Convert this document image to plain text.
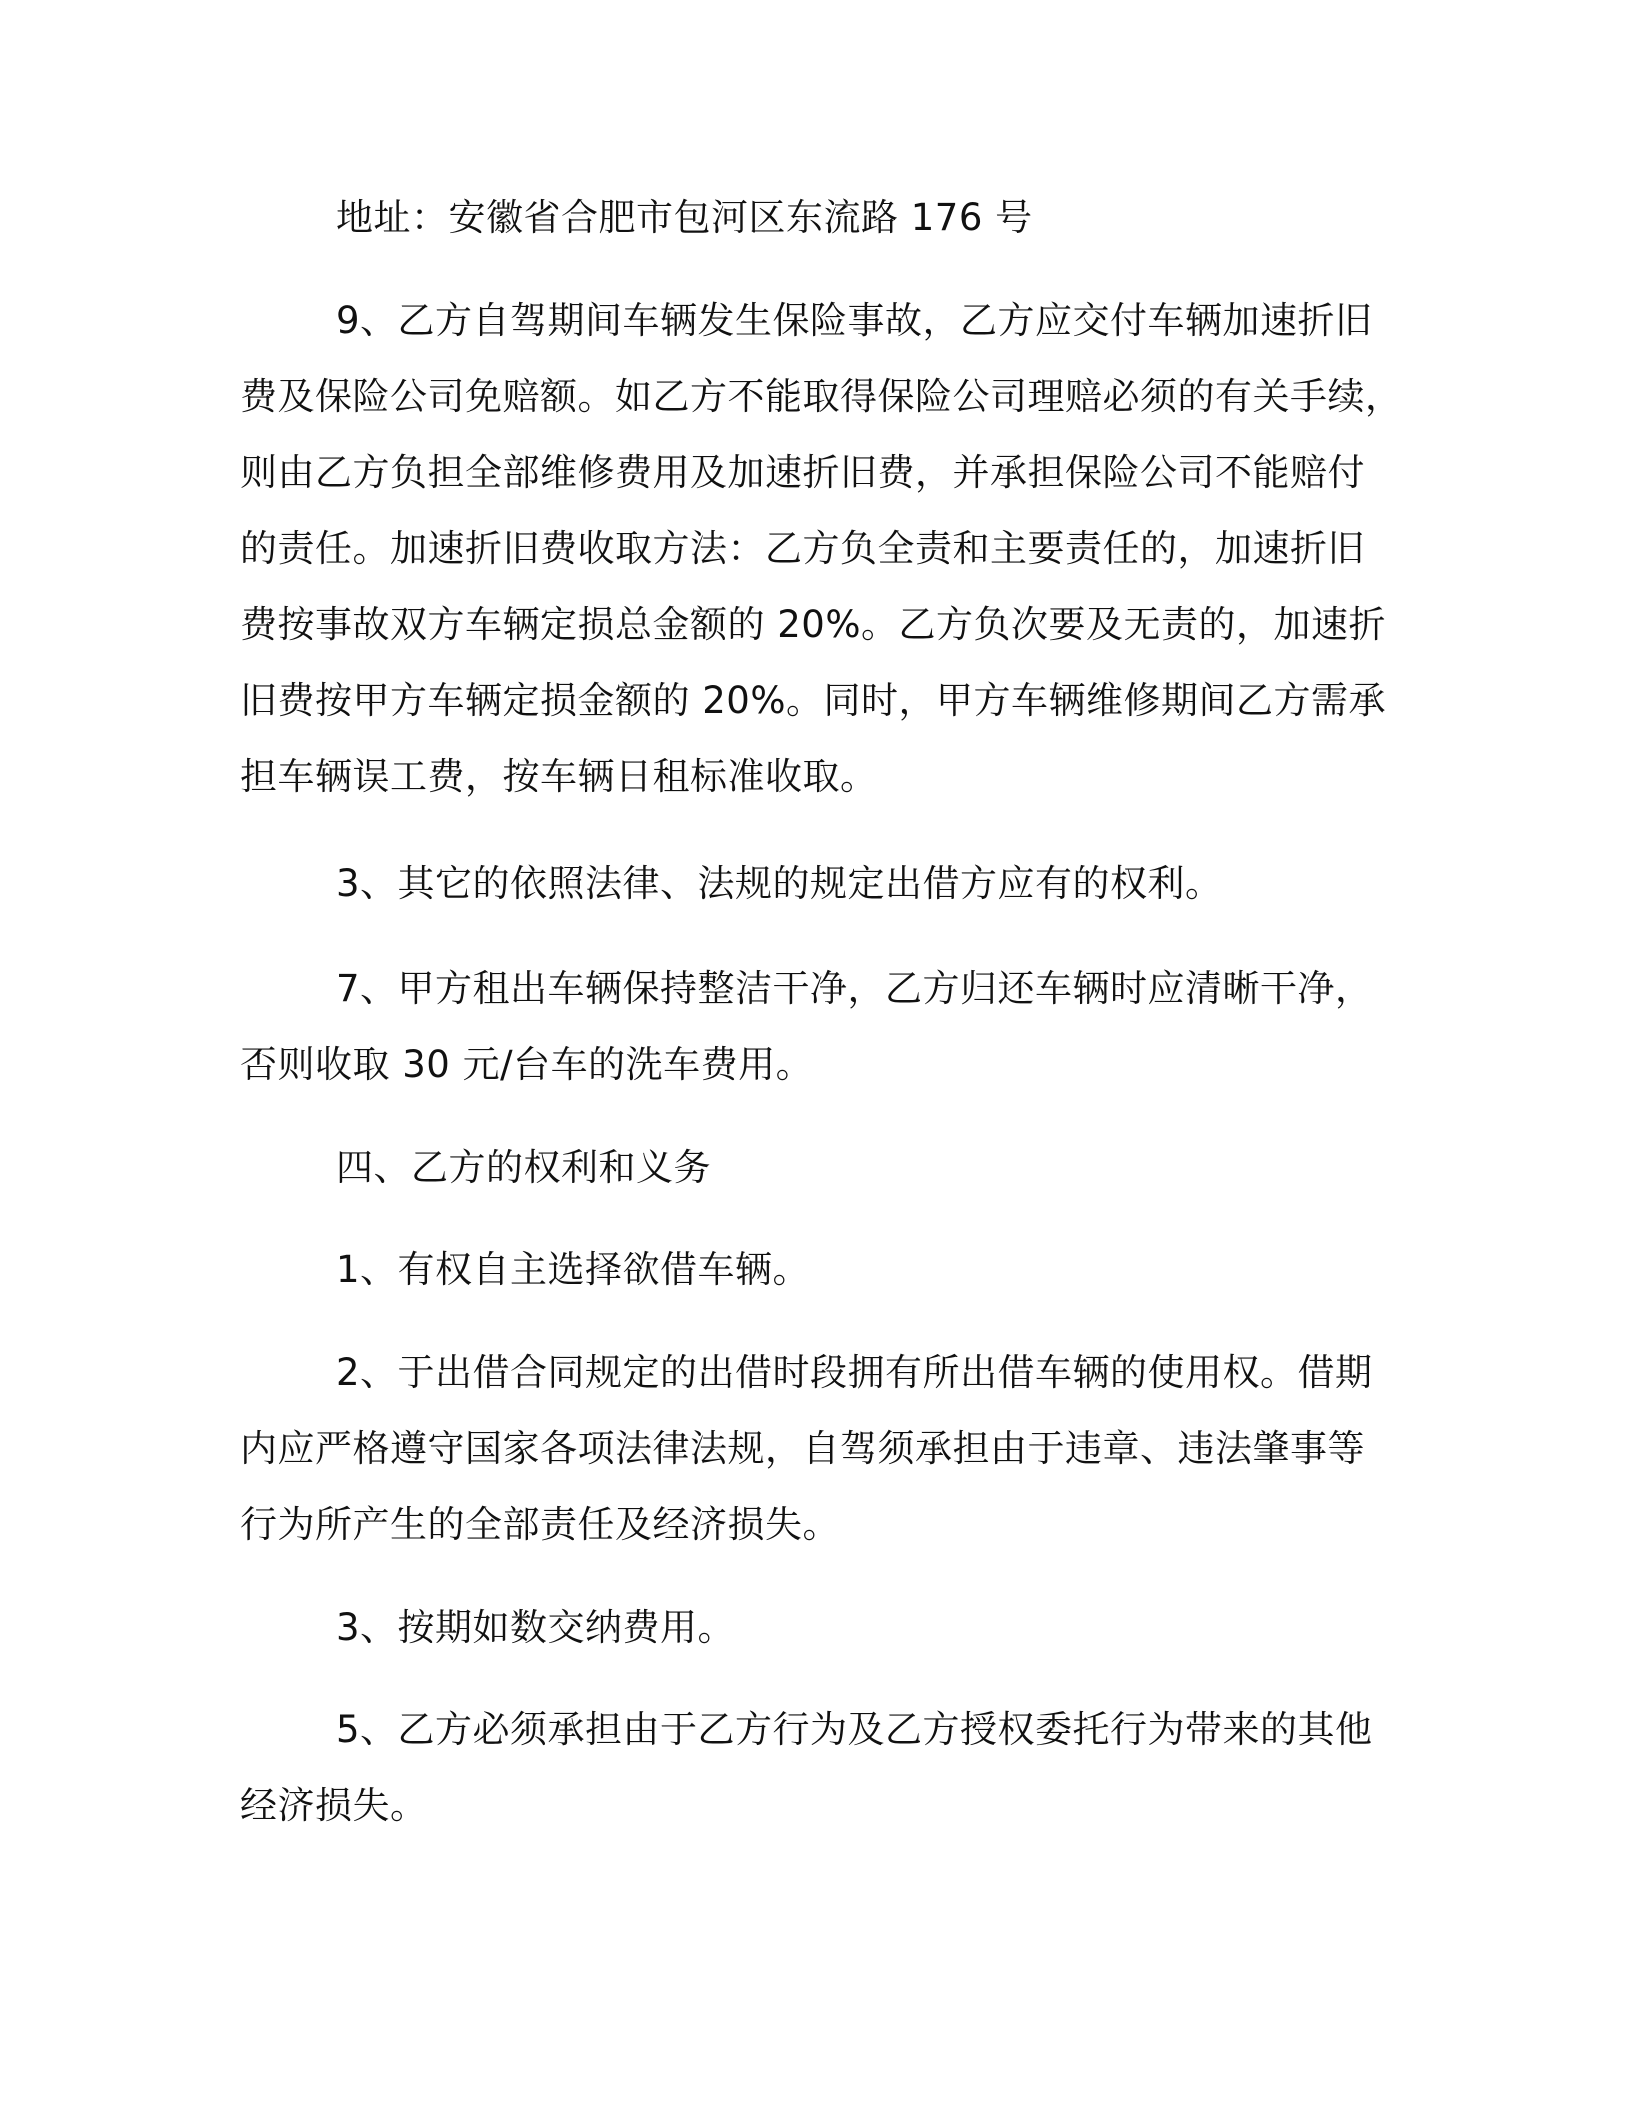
地址：安徽省合肥市包河区东流路 176 号
9、乙方自驾期间车辆发生保险事故，乙方应交付车辆加速折旧
费及保险公司免赔额。如乙方不能取得保险公司理赔必须的有关手续，
则由乙方负担全部维修费用及加速折旧费，并承担保险公司不能赔付
的责任。加速折旧费收取方法：乙方负全责和主要责任的，加速折旧
费按事故双方车辆定损总金额的 20%。乙方负次要及无责的，加速折
旧费按甲方车辆定损金额的 20%。同时，甲方车辆维修期间乙方需承
担车辆误工费，按车辆日租标准收取。
3、其它的依照法律、法规的规定出借方应有的权利。
7、甲方租出车辆保持整洁干净，乙方归还车辆时应清晰干净，
否则收取 30 元/台车的洗车费用。
四、乙方的权利和义务
1、有权自主选择欲借车辆。
2、于出借合同规定的出借时段拥有所出借车辆的使用权。借期
内应严格遵守国家各项法律法规，自驾须承担由于违章、违法肇事等
行为所产生的全部责任及经济损失。
3、按期如数交纳费用。
5、乙方必须承担由于乙方行为及乙方授权委托行为带来的其他
经济损失。
